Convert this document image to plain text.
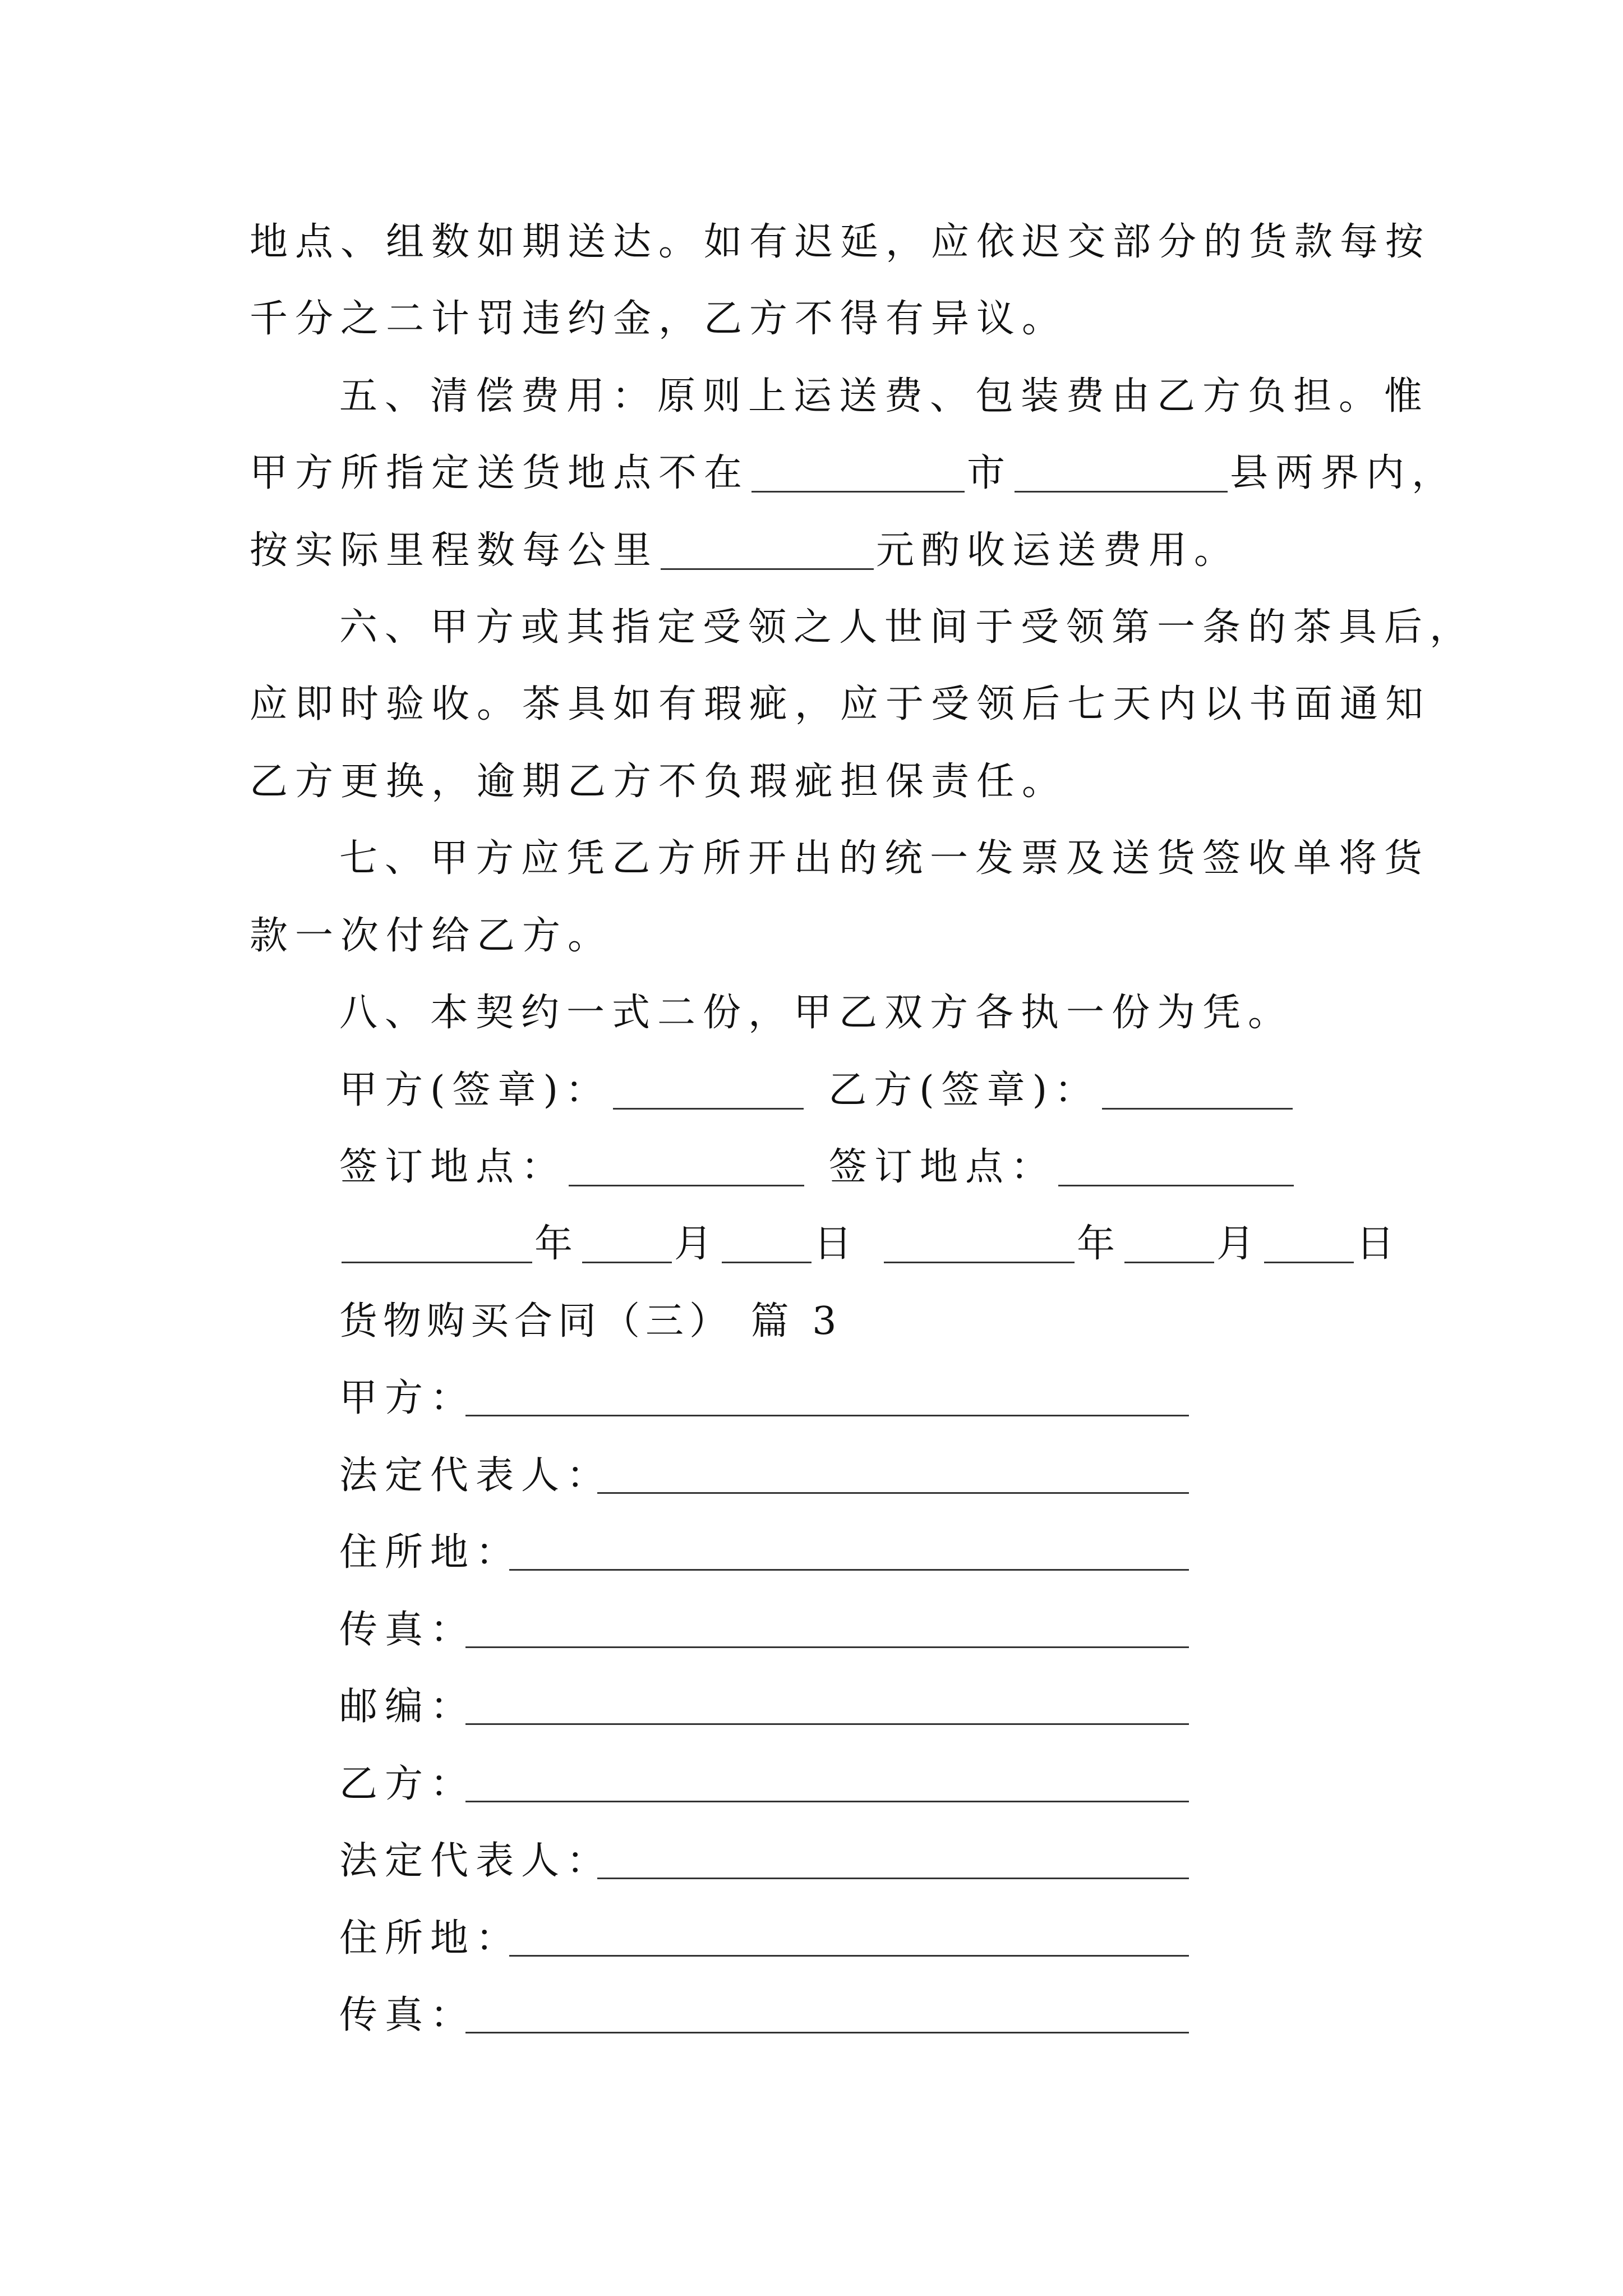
地点、组数如期送达。如有迟延，应依迟交部分的货款每按
千分之二计罚违约金，乙方不得有异议。
五、清偿费用：原则上运送费、包装费由乙方负担。惟
甲方所指定送货地点不在	市	县两界内，
按实际里程数每公里	元酌收运送费用。
六、甲方或其指定受领之人世间于受领第一条的茶具后，
应即时验收。茶具如有瑕疵，应于受领后七天内以书面通知
乙方更换，逾期乙方不负瑕疵担保责任。
七、甲方应凭乙方所开出的统一发票及送货签收单将货
款一次付给乙方。
八、本契约一式二份，甲乙双方各执一份为凭。
甲方(签章)：	乙方(签章)：
签订地点：	签订地点：
年 月 日	年 月 日
货物购买合同（三） 篇 3
甲方：
法定代表人：
住所地：
传真：
邮编：
乙方：
法定代表人：
住所地：
传真：
